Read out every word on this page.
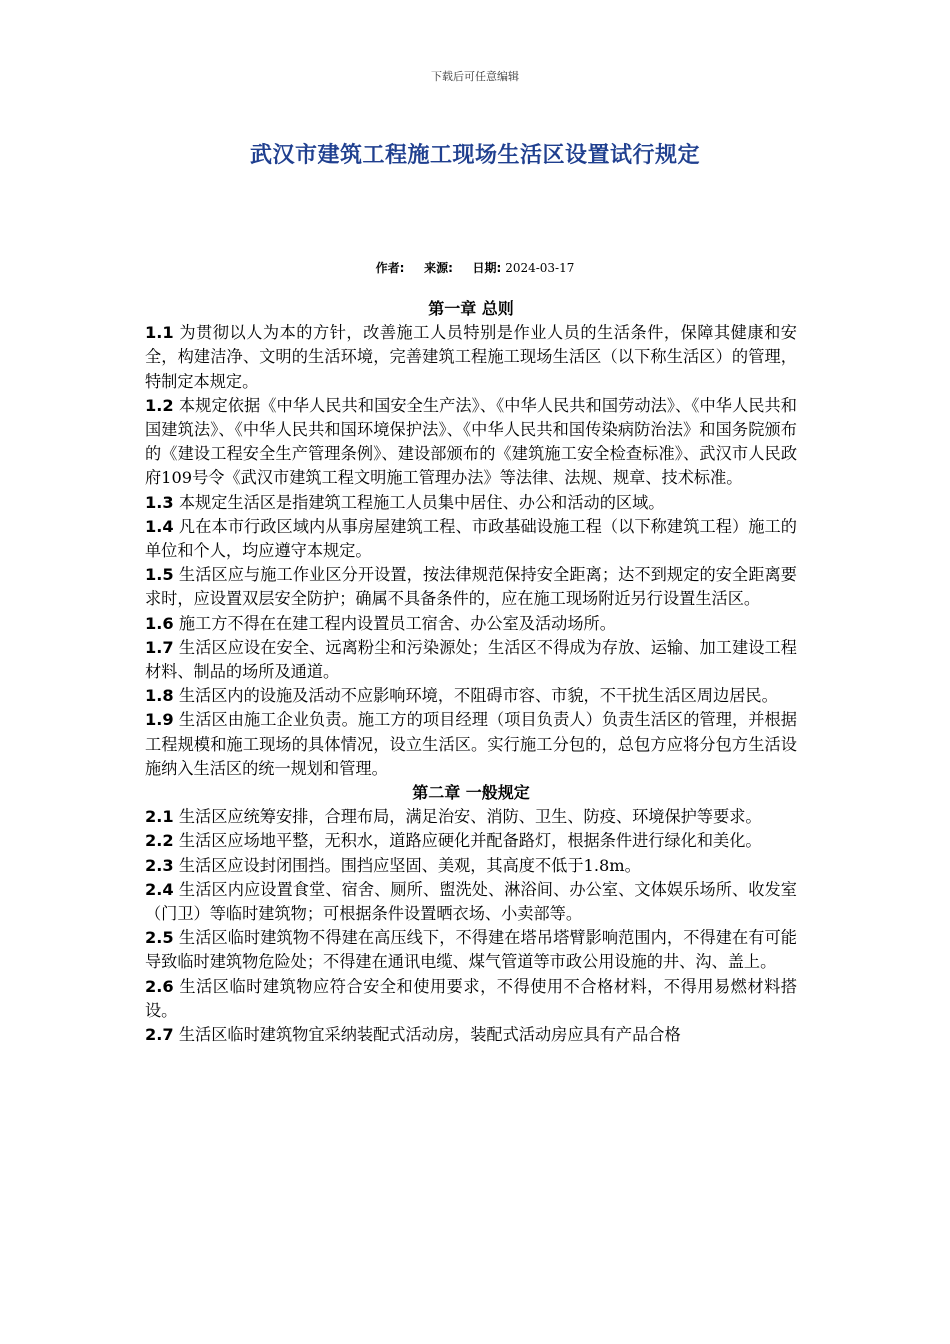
下载后可任意编辑
武汉市建筑工程施工现场生活区设置试行规定
作者: 来源: 日期: 2024-03-17
第一章 总则

1.1 为贯彻以人为本的方针，改善施工人员特别是作业人员的生活条件，保障其健康和安全，构建洁净、文明的生活环境，完善建筑工程施工现场生活区（以下称生活区）的管理，特制定本规定。

1.2 本规定依据《中华人民共和国安全生产法》、《中华人民共和国劳动法》、《中华人民共和国建筑法》、《中华人民共和国环境保护法》、《中华人民共和国传染病防治法》和国务院颁布的《建设工程安全生产管理条例》、建设部颁布的《建筑施工安全检查标准》、武汉市人民政府109号令《武汉市建筑工程文明施工管理办法》等法律、法规、规章、技术标准。

1.3 本规定生活区是指建筑工程施工人员集中居住、办公和活动的区域。

1.4 凡在本市行政区域内从事房屋建筑工程、市政基础设施工程（以下称建筑工程）施工的单位和个人，均应遵守本规定。

1.5 生活区应与施工作业区分开设置，按法律规范保持安全距离；达不到规定的安全距离要求时，应设置双层安全防护；确属不具备条件的，应在施工现场附近另行设置生活区。

1.6 施工方不得在在建工程内设置员工宿舍、办公室及活动场所。

1.7 生活区应设在安全、远离粉尘和污染源处；生活区不得成为存放、运输、加工建设工程材料、制品的场所及通道。

1.8 生活区内的设施及活动不应影响环境，不阻碍市容、市貌，不干扰生活区周边居民。

1.9 生活区由施工企业负责。施工方的项目经理（项目负责人）负责生活区的管理，并根据工程规模和施工现场的具体情况，设立生活区。实行施工分包的，总包方应将分包方生活设施纳入生活区的统一规划和管理。

第二章 一般规定

2.1 生活区应统筹安排，合理布局，满足治安、消防、卫生、防疫、环境保护等要求。

2.2 生活区应场地平整，无积水，道路应硬化并配备路灯，根据条件进行绿化和美化。

2.3 生活区应设封闭围挡。围挡应坚固、美观，其高度不低于1.8m。

2.4 生活区内应设置食堂、宿舍、厕所、盥洗处、淋浴间、办公室、文体娱乐场所、收发室（门卫）等临时建筑物；可根据条件设置晒衣场、小卖部等。

2.5 生活区临时建筑物不得建在高压线下，不得建在塔吊塔臂影响范围内，不得建在有可能导致临时建筑物危险处；不得建在通讯电缆、煤气管道等市政公用设施的井、沟、盖上。

2.6 生活区临时建筑物应符合安全和使用要求，不得使用不合格材料，不得用易燃材料搭设。

2.7 生活区临时建筑物宜采纳装配式活动房，装配式活动房应具有产品合格
